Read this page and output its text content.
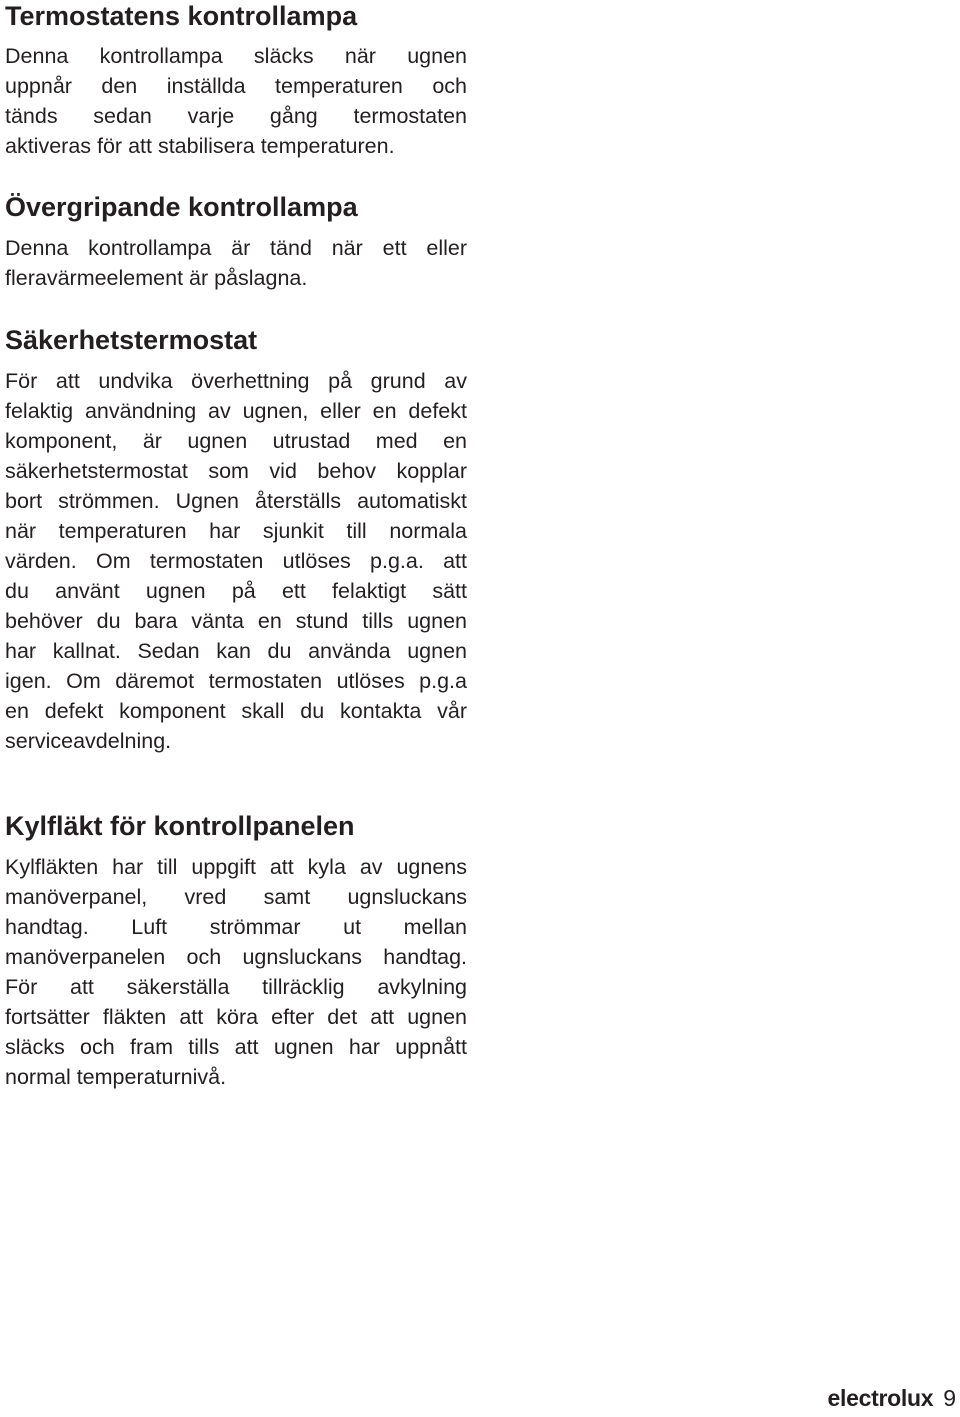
Termostatens kontrollampa
Denna kontrollampa släcks när ugnen
uppnår den inställda temperaturen och
tänds sedan varje gång termostaten
aktiveras för att stabilisera temperaturen.
Övergripande kontrollampa
Denna kontrollampa är tänd när ett eller
fleravärmeelement är påslagna.
Säkerhetstermostat
För att undvika överhettning på grund av
felaktig användning av ugnen, eller en defekt
komponent, är ugnen utrustad med en
säkerhetstermostat som vid behov kopplar
bort strömmen. Ugnen återställs automatiskt
när temperaturen har sjunkit till normala
värden. Om termostaten utlöses p.g.a. att
du använt ugnen på ett felaktigt sätt
behöver du bara vänta en stund tills ugnen
har kallnat. Sedan kan du använda ugnen
igen. Om däremot termostaten utlöses p.g.a
en defekt komponent skall du kontakta vår
serviceavdelning.
Kylfläkt för kontrollpanelen
Kylfläkten har till uppgift att kyla av ugnens
manöverpanel, vred samt ugnsluckans
handtag. Luft strömmar ut mellan
manöverpanelen och ugnsluckans handtag.
För att säkerställa tillräcklig avkylning
fortsätter fläkten att köra efter det att ugnen
släcks och fram tills att ugnen har uppnått
normal temperaturnivå.
electrolux 9
